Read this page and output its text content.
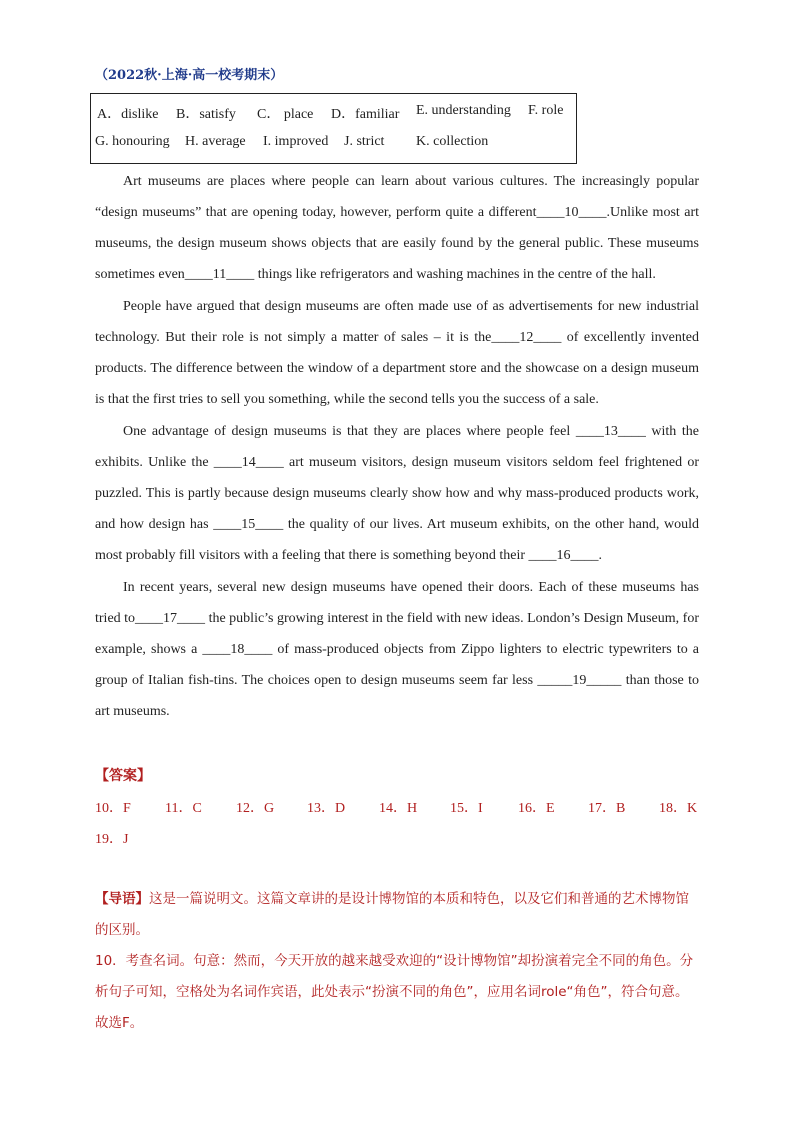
（2022秋·上海·高一校考期末）
A．dislike B．satisfy C． place D．familiar E. understanding F. role
G. honouring H. average I. improved J. strict K. collection

Art museums are places where people can learn about various cultures. The increasingly popular “design museums” that are opening today, however, perform quite a different____10____.Unlike most art museums, the design museum shows objects that are easily found by the general public. These museums sometimes even____11____ things like refrigerators and washing machines in the centre of the hall.

People have argued that design museums are often made use of as advertisements for new industrial technology. But their role is not simply a matter of sales – it is the____12____ of excellently invented products. The difference between the window of a department store and the showcase on a design museum is that the first tries to sell you something, while the second tells you the success of a sale.

One advantage of design museums is that they are places where people feel ____13____ with the exhibits. Unlike the ____14____ art museum visitors, design museum visitors seldom feel frightened or puzzled. This is partly because design museums clearly show how and why mass-produced products work, and how design has ____15____ the quality of our lives. Art museum exhibits, on the other hand, would most probably fill visitors with a feeling that there is something beyond their ____16____.

In recent years, several new design museums have opened their doors. Each of these museums has tried to____17____ the public’s growing interest in the field with new ideas. London’s Design Museum, for example, shows a ____18____ of mass-produced objects from Zippo lighters to electric typewriters to a group of Italian fish-tins. The choices open to design museums seem far less _____19_____ than those to art museums.

【答案】
10．F 11．C 12．G 13．D 14．H 15．I	16．E 17．B 18．K
19．J
【导语】这是一篇说明文。这篇文章讲的是设计博物馆的本质和特色，以及它们和普通的艺术博物馆的区别。
10．考查名词。句意：然而，今天开放的越来越受欢迎的“设计博物馆”却扮演着完全不同的角色。分析句子可知，空格处为名词作宾语，此处表示“扮演不同的角色”，应用名词role“角色”，符合句意。故选F。
